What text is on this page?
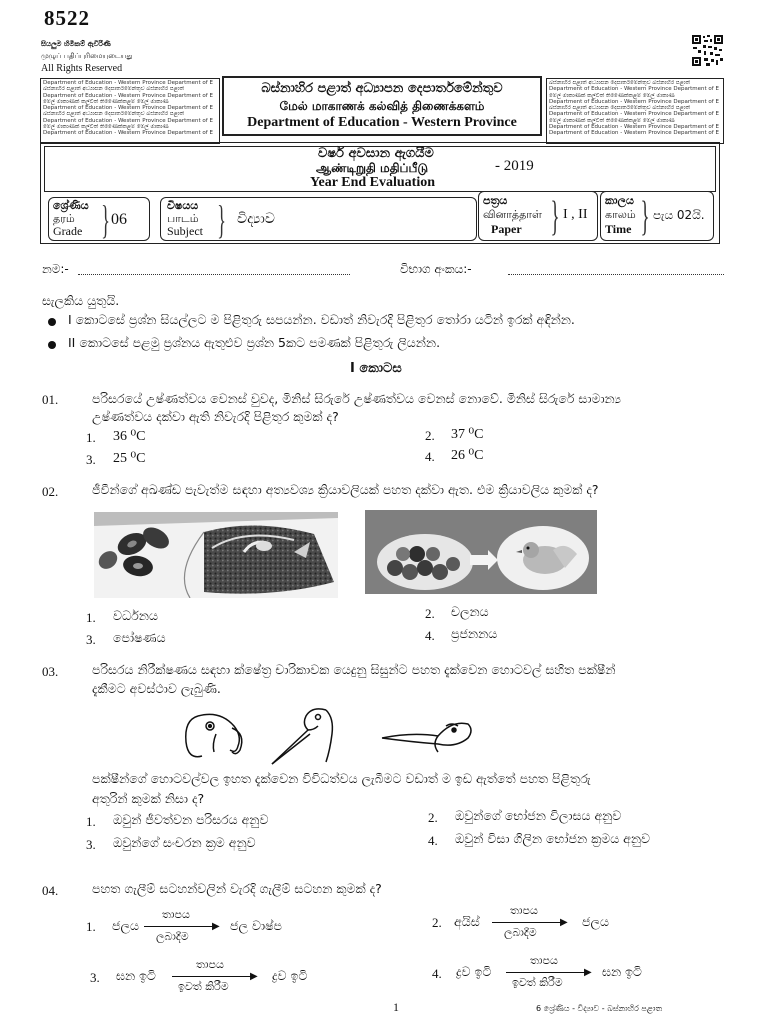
8522
සියලුම හිමිකම් ඇවිරිණි
முழுப் பதிப்புரிமையுடையது
All Rights Reserved
Department of Education - Western Province Department of E
බස්නාහිර පළාත් අධ්‍යාපන දෙපාර්තමේන්තුව බස්නාහිර පළාත්
Department of Education - Western Province Department of E
මේල් මාකාණක් කල්විත් තිණෛක්කළම් මේල් මාකාණ
Department of Education - Western Province Department of E
බස්නාහිර පළාත් අධ්‍යාපන දෙපාර්තමේන්තුව බස්නාහිර පළාත්
Department of Education - Western Province Department of E
මේල් මාකාණක් කල්විත් තිණෛක්කළම් මේල් මාකාණ
Department of Education - Western Province Department of E
බස්නාහිර පළාත් අධ්‍යාපන දෙපාර්තමේන්තුව බස්නාහිර පළාත්
Department of Education - Western Province Department of E
මේල් මාකාණක් කල්විත් තිණෛක්කළම් මේල් මාකාණ
Department of Education - Western Province Department of E
බස්නාහිර පළාත් අධ්‍යාපන දෙපාර්තමේන්තුව බස්නාහිර පළාත්
Department of Education - Western Province Department of E
මේල් මාකාණක් කල්විත් තිණෛක්කළම් මේල් මාකාණ
Department of Education - Western Province Department of E
Department of Education - Western Province Department of E
බස්නාහිර පළාත් අධ්‍යාපන දෙපාර්තමේන්තුව
மேல் மாகாணக் கல்வித் திணைக்களம்
Department of Education - Western Province
වර්ෂ අවසාන ඇගයීම
ஆண்டிறுதி மதிப்பீடு
Year End Evaluation
- 2019
ශ්‍රේණිය
தரம்
Grade } 06
විෂයය
பாடம்
Subject } විද්‍යාව
පත්‍රය
வினாத்தாள்
Paper } I , II
කාලය
காலம்
Time } පැය 02යි.
නම:-	විභාග අංකය:-
සැලකිය යුතුයි.
I කොටසේ ප්‍රශ්න සියල්ලට ම පිළිතුරු සපයන්න. වඩාත් නිවැරදි පිළිතුර තෝරා යටින් ඉරක් අඳින්න.
II කොටසේ පළමු ප්‍රශ්නය ඇතුළුව ප්‍රශ්න 5කට පමණක් පිළිතුරු ලියන්න.
I කොටස
01.	පරිසරයේ උෂ්ණත්වය වෙනස් වුවද, මිනිස් සිරුරේ උෂ්ණත්වය වෙනස් නොවේ. මිනිස් සිරුරේ සාමාන්‍ය
උෂ්ණත්වය දක්වා ඇති නිවැරදි පිළිතුර කුමක් ද?
1. 36 ⁰C	2. 37 ⁰C
3. 25 ⁰C	4. 26 ⁰C
02.	ජීවීන්ගේ අඛණ්ඩ පැවැත්ම සඳහා අත්‍යවශ්‍ය ක්‍රියාවලියක් පහත දක්වා ඇත. එම ක්‍රියාවලිය කුමක් ද?
1. වර්ධනය	2. චලනය
3. පෝෂණය	4. ප්‍රජනනය
03.	පරිසරය නිරීක්ෂණය සඳහා ක්ෂේත්‍ර චාරිකාවක යෙදුනු සිසුන්ට පහත දැක්වෙන හොටවල් සහිත පක්ෂීන්
දැකීමට අවස්ථාව ලැබුණි.
පක්ෂීන්ගේ හොටවල්වල ඉහත දැක්වෙන විවිධත්වය ලැබීමට වඩාත් ම ඉඩ ඇත්තේ පහත පිළිතුරු
අතුරින් කුමක් නිසා ද?
1. ඔවුන් ජීවත්වන පරිසරය අනුව	2. ඔවුන්ගේ භෝජන විලාසය අනුව
3. ඔවුන්ගේ සංචරන ක්‍රම අනුව	4. ඔවුන් විසා ගිලින භෝජන ක්‍රමය අනුව
04.	පහත ගැලීම් සටහන්වලින් වැරදි ගැලීම් සටහන කුමක් ද?
1. ජලය
තාපය
▶
ලබාදීම
ජල වාෂ්ප	2. අයිස්
තාපය
▶
ලබාදීම
ජලය
3. ඝන ඉටි
තාපය
▶
ඉවත් කිරීම
ද්‍රව ඉටි	4. ද්‍රව ඉටි
තාපය
▶
ඉවත් කිරීම
ඝන ඉටි
1	6 ශ්‍රේණිය - විද්‍යාව - බස්නාහිර පළාත
